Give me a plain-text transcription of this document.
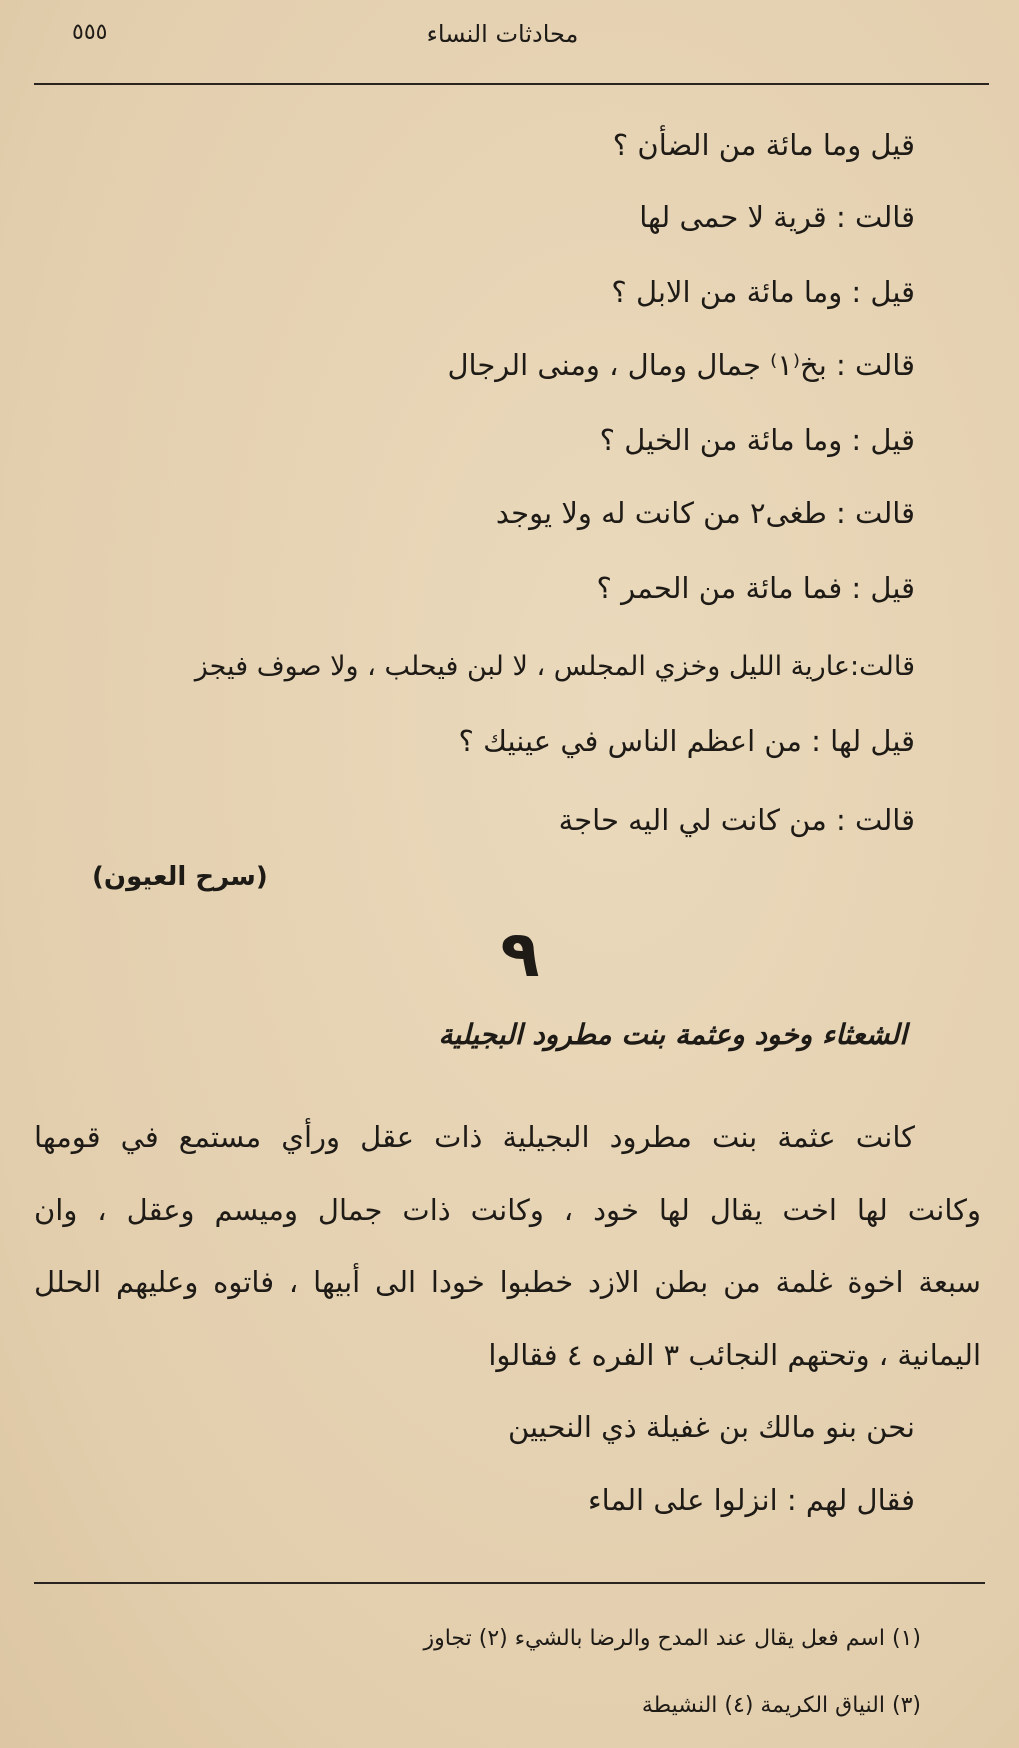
٥٥٥	محادثات النساء
قيل وما مائة من الضأن ؟
قالت : قرية لا حمى لها
قيل : وما مائة من الابل ؟
قالت : بخ⁽١⁾ جمال ومال ، ومنى الرجال
قيل : وما مائة من الخيل ؟
قالت : طغى٢ من كانت له ولا يوجد
قيل : فما مائة من الحمر ؟
قالت:عارية الليل وخزي المجلس ، لا لبن فيحلب ، ولا صوف فيجز
قيل لها : من اعظم الناس في عينيك ؟
قالت : من كانت لي اليه حاجة
(سرح العيون)
٩
الشعثاء وخود وعثمة بنت مطرود البجيلية
كانت عثمة بنت مطرود البجيلية ذات عقل ورأي مستمع في قومها
وكانت لها اخت يقال لها خود ، وكانت ذات جمال وميسم وعقل ، وان
سبعة اخوة غلمة من بطن الازد خطبوا خودا الى أبيها ، فاتوه وعليهم الحلل
اليمانية ، وتحتهم النجائب ٣ الفره ٤ فقالوا
نحن بنو مالك بن غفيلة ذي النحيين
فقال لهم : انزلوا على الماء
(١) اسم فعل يقال عند المدح والرضا بالشيء (٢) تجاوز
(٣) النياق الكريمة (٤) النشيطة
